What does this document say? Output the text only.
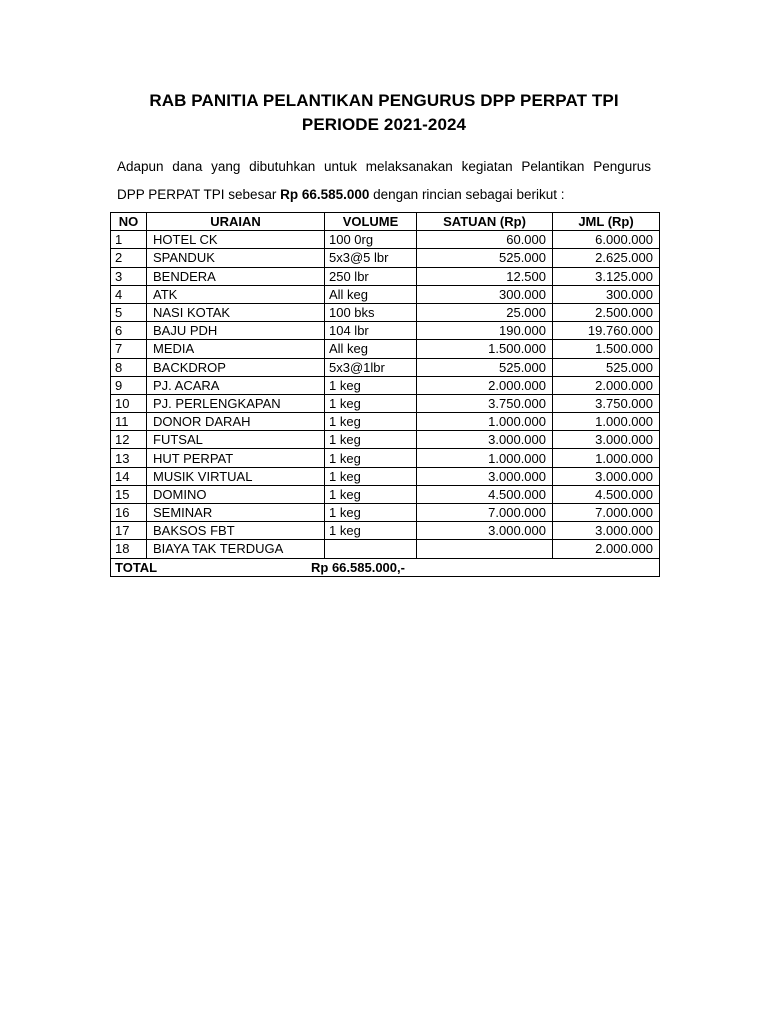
RAB PANITIA PELANTIKAN PENGURUS DPP PERPAT TPI
PERIODE 2021-2024
Adapun dana yang dibutuhkan untuk melaksanakan kegiatan Pelantikan Pengurus
DPP PERPAT TPI sebesar Rp 66.585.000 dengan rincian sebagai berikut :
NO	URAIAN	VOLUME	SATUAN (Rp)	JML (Rp)
1	HOTEL CK	100 0rg	60.000	6.000.000
2	SPANDUK	5x3@5 lbr	525.000	2.625.000
3	BENDERA	250 lbr	12.500	3.125.000
4	ATK	All keg	300.000	300.000
5	NASI KOTAK	100 bks	25.000	2.500.000
6	BAJU PDH	104 lbr	190.000	19.760.000
7	MEDIA	All keg	1.500.000	1.500.000
8	BACKDROP	5x3@1lbr	525.000	525.000
9	PJ. ACARA	1 keg	2.000.000	2.000.000
10	PJ. PERLENGKAPAN	1 keg	3.750.000	3.750.000
11	DONOR DARAH	1 keg	1.000.000	1.000.000
12	FUTSAL	1 keg	3.000.000	3.000.000
13	HUT PERPAT	1 keg	1.000.000	1.000.000
14	MUSIK VIRTUAL	1 keg	3.000.000	3.000.000
15	DOMINO	1 keg	4.500.000	4.500.000
16	SEMINAR	1 keg	7.000.000	7.000.000
17	BAKSOS FBT	1 keg	3.000.000	3.000.000
18	BIAYA TAK TERDUGA			2.000.000
TOTAL Rp 66.585.000,-				
